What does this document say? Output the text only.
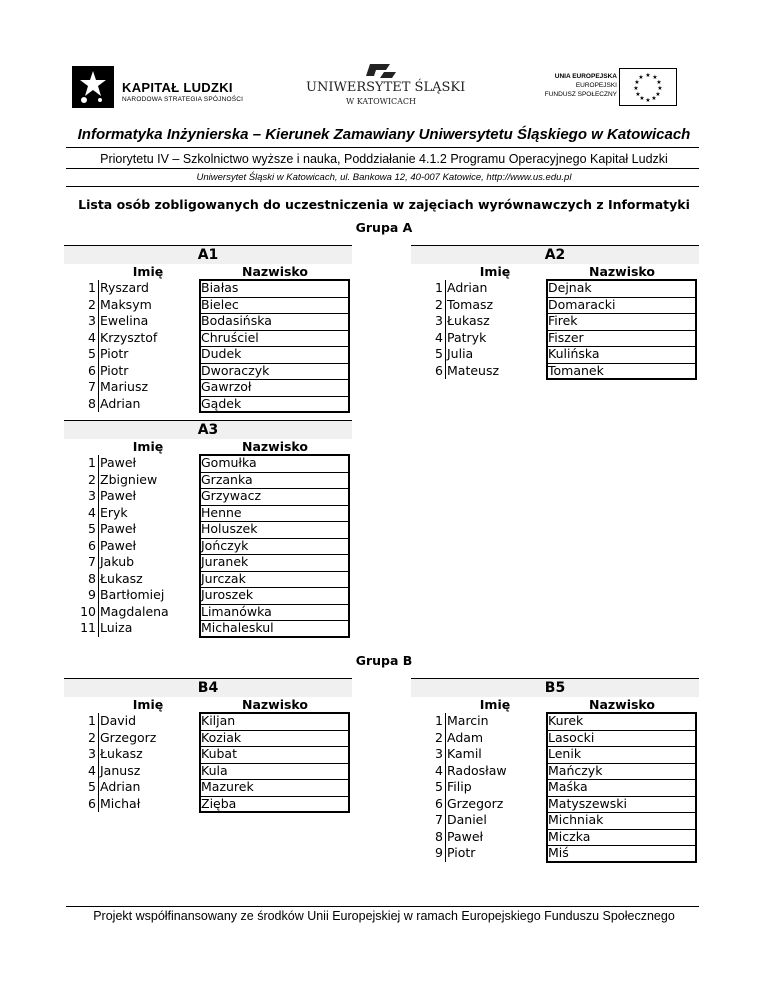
KAPITAŁ LUDZKI
NARODOWA STRATEGIA SPÓJNOŚCI
UNIWERSYTET ŚLĄSKI
W KATOWICACH
UNIA EUROPEJSKA
EUROPEJSKI
FUNDUSZ SPOŁECZNY
★ ★
★
★
★
★
★
★
★
★
★
★
Informatyka Inżynierska – Kierunek Zamawiany Uniwersytetu Śląskiego w Katowicach
Priorytetu IV – Szkolnictwo wyższe i nauka, Poddziałanie 4.1.2 Programu Operacyjnego Kapitał Ludzki
Uniwersytet Śląski w Katowicach, ul. Bankowa 12, 40-007 Katowice, http://www.us.edu.pl
Lista osób zobligowanych do uczestniczenia w zajęciach wyrównawczych z Informatyki
Grupa A
Grupa B
A1
Imię	Nazwisko
1 Ryszard	Białas
2 Maksym	Bielec
3 Ewelina	Bodasińska
4 Krzysztof	Chruściel
5 Piotr	Dudek
6 Piotr	Dworaczyk
7 Mariusz	Gawrzoł
8 Adrian	Gądek
A2
Imię	Nazwisko
1 Adrian	Dejnak
2 Tomasz	Domaracki
3 Łukasz	Firek
4 Patryk	Fiszer
5 Julia	Kulińska
6 Mateusz	Tomanek
A3
Imię	Nazwisko
1 Paweł	Gomułka
2 Zbigniew	Grzanka
3 Paweł	Grzywacz
4 Eryk	Henne
5 Paweł	Holuszek
6 Paweł	Jończyk
7 Jakub	Juranek
8 Łukasz	Jurczak
9 Bartłomiej	Juroszek
10 Magdalena	Limanówka
11 Luiza	Michaleskul
B4
Imię	Nazwisko
1 David	Kiljan
2 Grzegorz	Koziak
3 Łukasz	Kubat
4 Janusz	Kula
5 Adrian	Mazurek
6 Michał	Zięba
B5
Imię	Nazwisko
1 Marcin	Kurek
2 Adam	Lasocki
3 Kamil	Lenik
4 Radosław	Mańczyk
5 Filip	Maśka
6 Grzegorz	Matyszewski
7 Daniel	Michniak
8 Paweł	Miczka
9 Piotr	Miś
Projekt współfinansowany ze środków Unii Europejskiej w ramach Europejskiego Funduszu Społecznego
